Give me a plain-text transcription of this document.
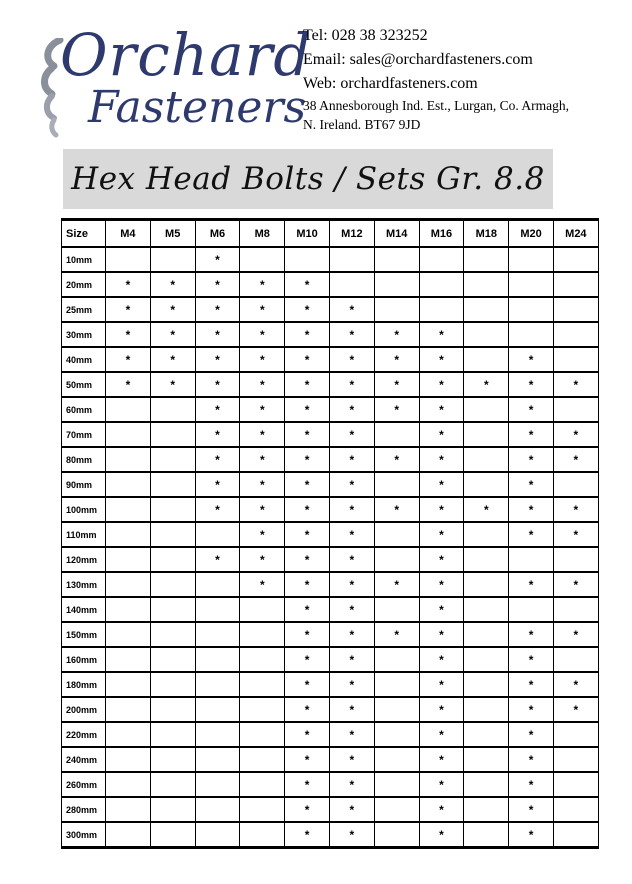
Orchard
Fasteners
Tel: 028 38 323252
Email: sales@orchardfasteners.com
Web: orchardfasteners.com
38 Annesborough Ind. Est., Lurgan, Co. Armagh,
N. Ireland. BT67 9JD
Hex Head Bolts / Sets Gr. 8.8
Size	M4	M5	M6	M8	M10	M12	M14	M16	M18	M20	M24
10mm			*								
20mm	*	*	*	*	*						
25mm	*	*	*	*	*	*					
30mm	*	*	*	*	*	*	*	*			
40mm	*	*	*	*	*	*	*	*		*	
50mm	*	*	*	*	*	*	*	*	*	*	*
60mm			*	*	*	*	*	*		*	
70mm			*	*	*	*		*		*	*
80mm			*	*	*	*	*	*		*	*
90mm			*	*	*	*		*		*	
100mm			*	*	*	*	*	*	*	*	*
110mm				*	*	*		*		*	*
120mm			*	*	*	*		*			
130mm				*	*	*	*	*		*	*
140mm					*	*		*			
150mm					*	*	*	*		*	*
160mm					*	*		*		*	
180mm					*	*		*		*	*
200mm					*	*		*		*	*
220mm					*	*		*		*	
240mm					*	*		*		*	
260mm					*	*		*		*	
280mm					*	*		*		*	
300mm					*	*		*		*	
